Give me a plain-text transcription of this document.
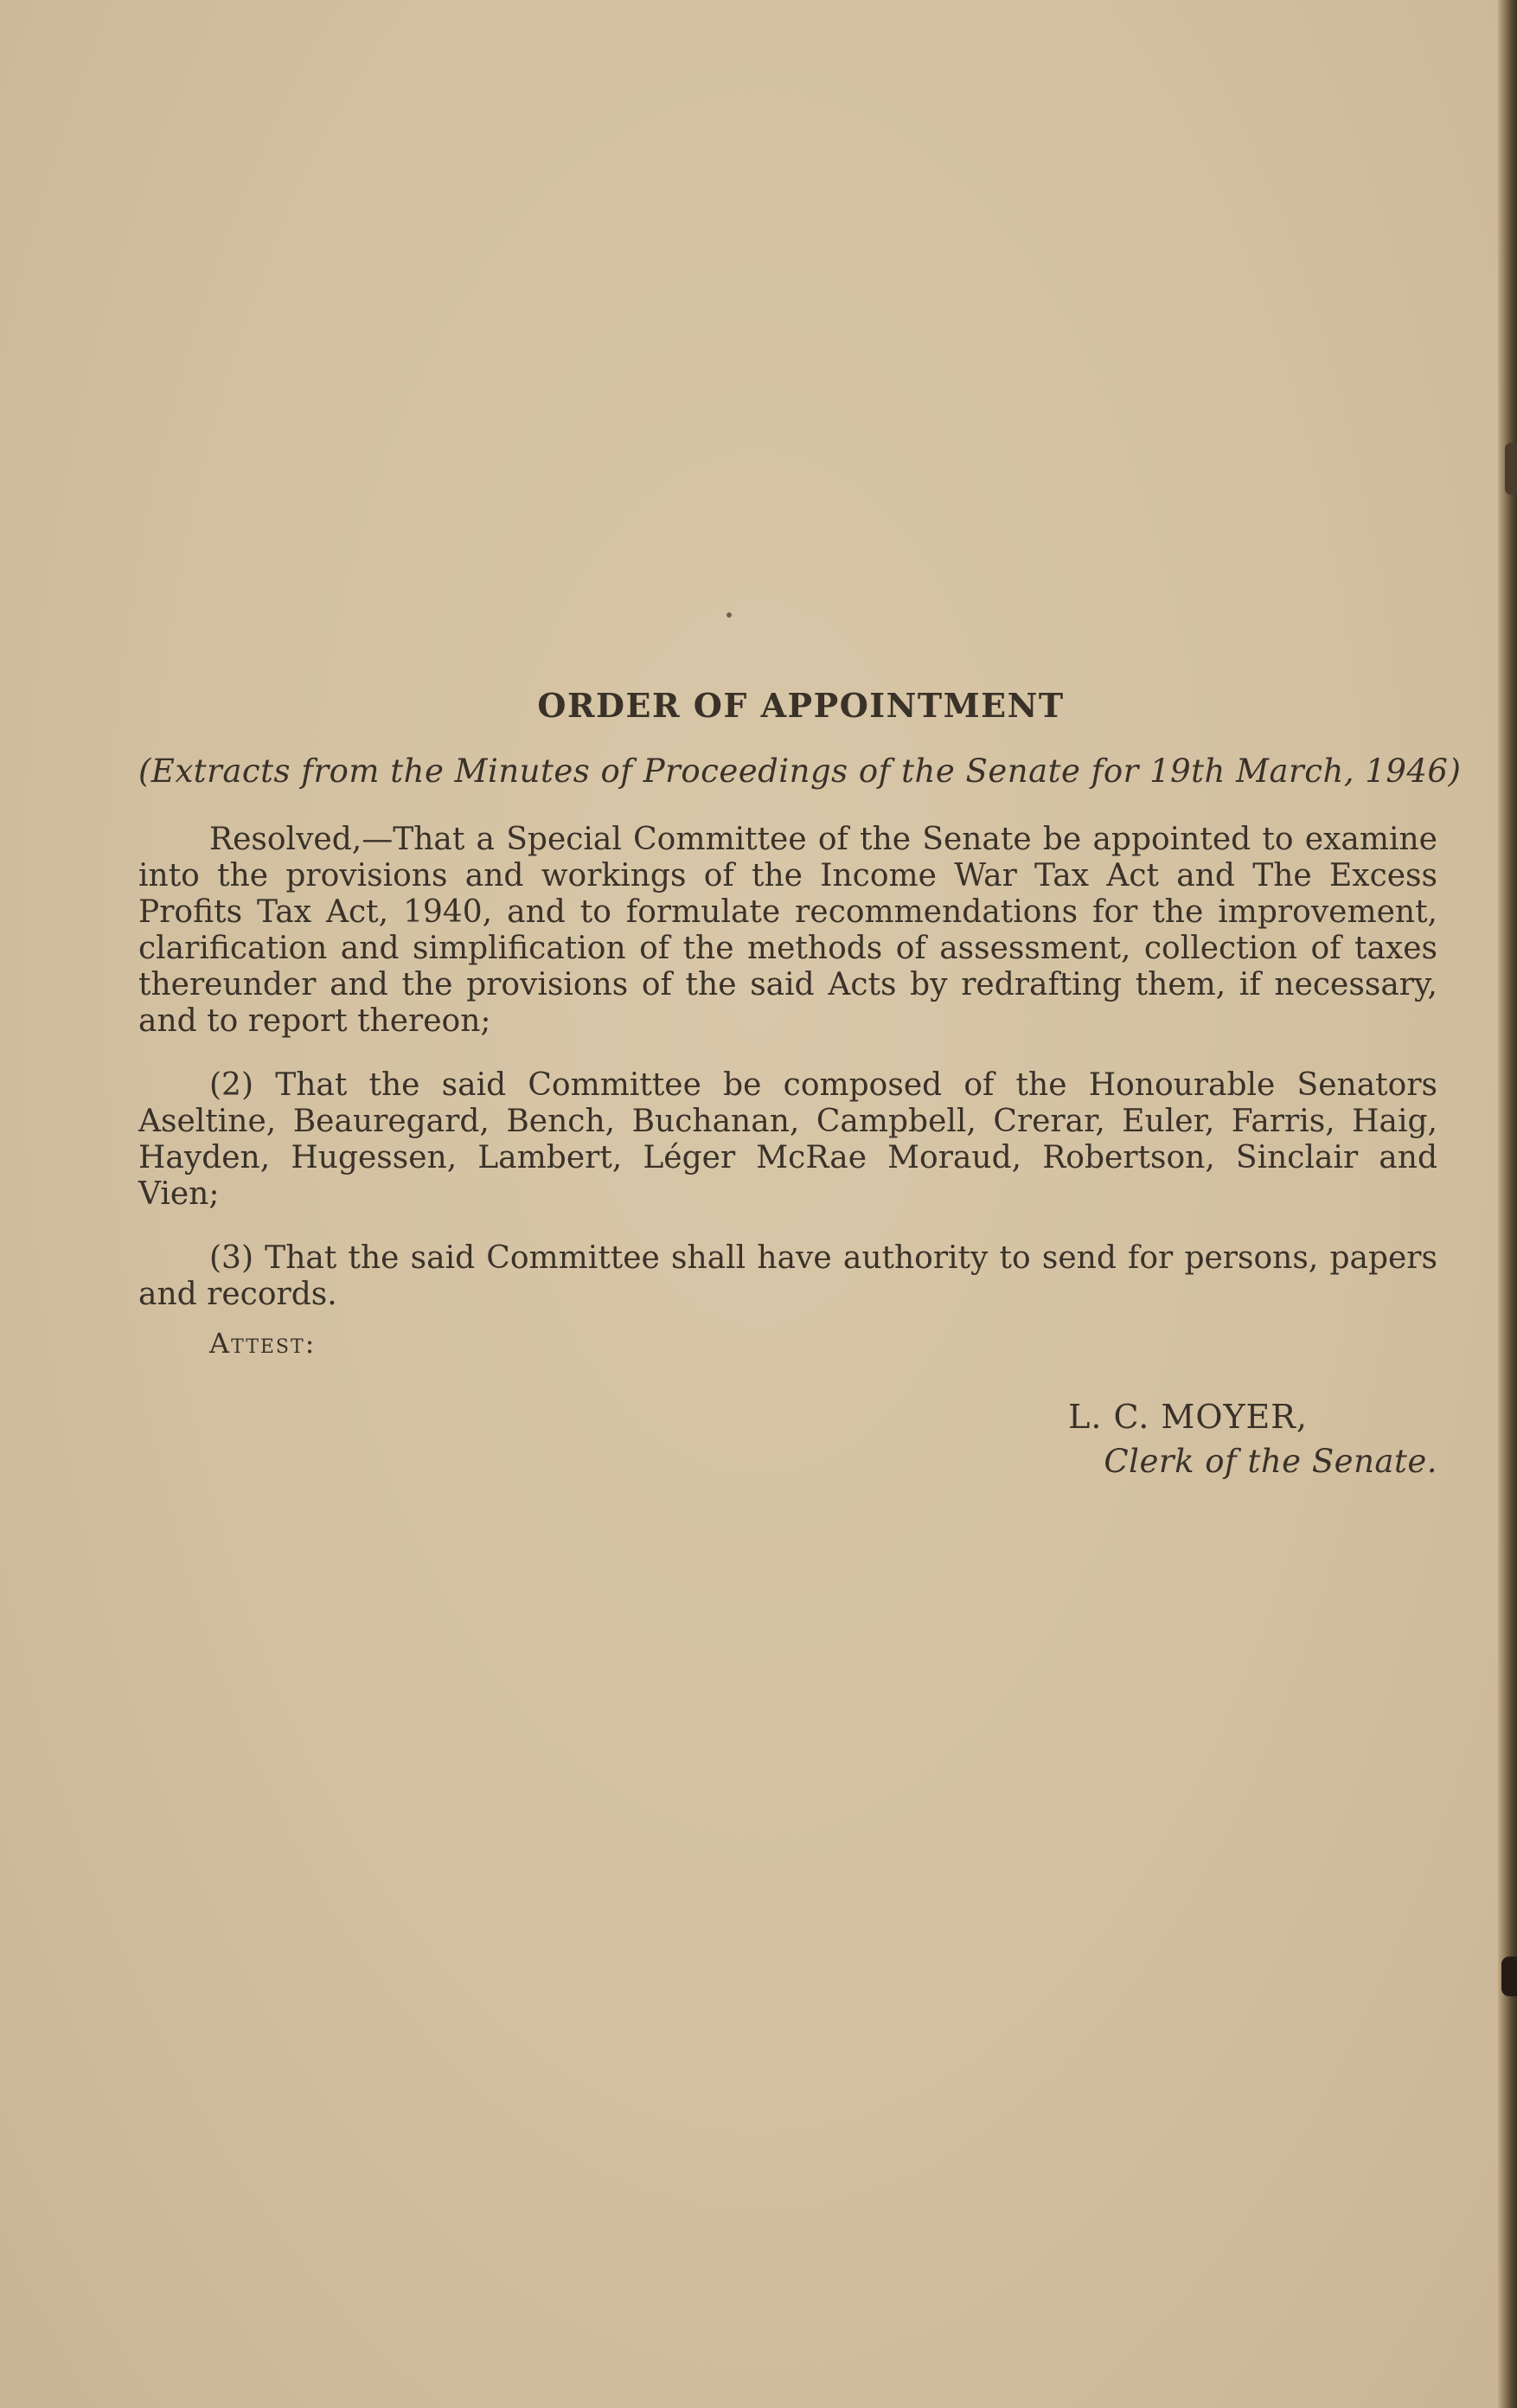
ORDER OF APPOINTMENT

(Extracts from the Minutes of Proceedings of the Senate for 19th March, 1946)

Resolved,—That a Special Committee of the Senate be appointed to examine into the provisions and workings of the Income War Tax Act and The Excess Profits Tax Act, 1940, and to formulate recommendations for the improvement, clarification and simplification of the methods of assessment, collection of taxes thereunder and the provisions of the said Acts by redrafting them, if necessary, and to report thereon;

(2) That the said Committee be composed of the Honourable Senators Aseltine, Beauregard, Bench, Buchanan, Campbell, Crerar, Euler, Farris, Haig, Hayden, Hugessen, Lambert, Léger McRae Moraud, Robertson, Sinclair and Vien;

(3) That the said Committee shall have authority to send for persons, papers and records.

Attest:

L. C. MOYER,
Clerk of the Senate.
